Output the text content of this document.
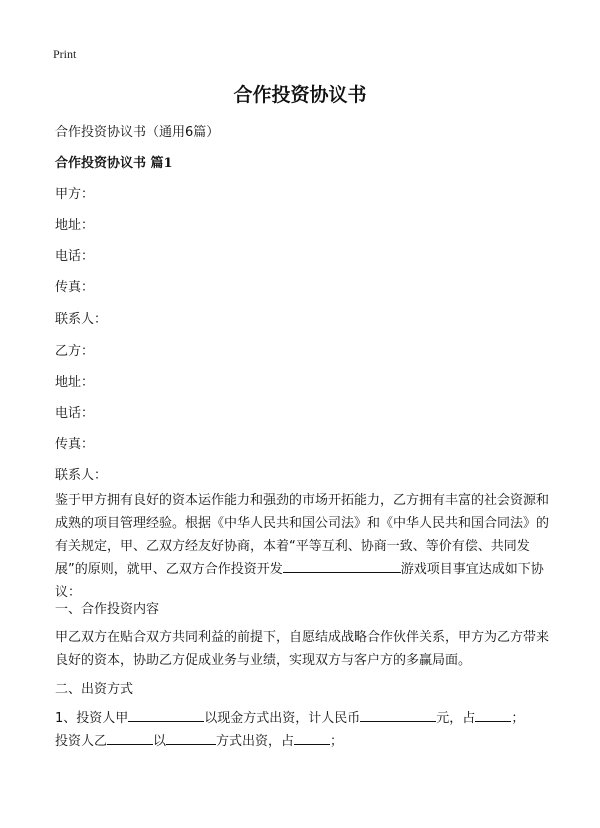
Print
合作投资协议书
合作投资协议书（通用6篇）
合作投资协议书 篇1
甲方：
地址：
电话：
传真：
联系人：
乙方：
地址：
电话：
传真：
联系人：
鉴于甲方拥有良好的资本运作能力和强劲的市场开拓能力，乙方拥有丰富的社会资源和成熟的项目管理经验。根据《中华人民共和国公司法》和《中华人民共和国合同法》的有关规定，甲、乙双方经友好协商，本着“平等互利、协商一致、等价有偿、共同发展”的原则，就甲、乙双方合作投资开发	游戏项目事宜达成如下协议：
一、合作投资内容
甲乙双方在贴合双方共同利益的前提下，自愿结成战略合作伙伴关系，甲方为乙方带来良好的资本，协助乙方促成业务与业绩，实现双方与客户方的多赢局面。
二、出资方式
1、投资人甲	以现金方式出资，计人民币	元，占	；
投资人乙	以	方式出资，占	；
